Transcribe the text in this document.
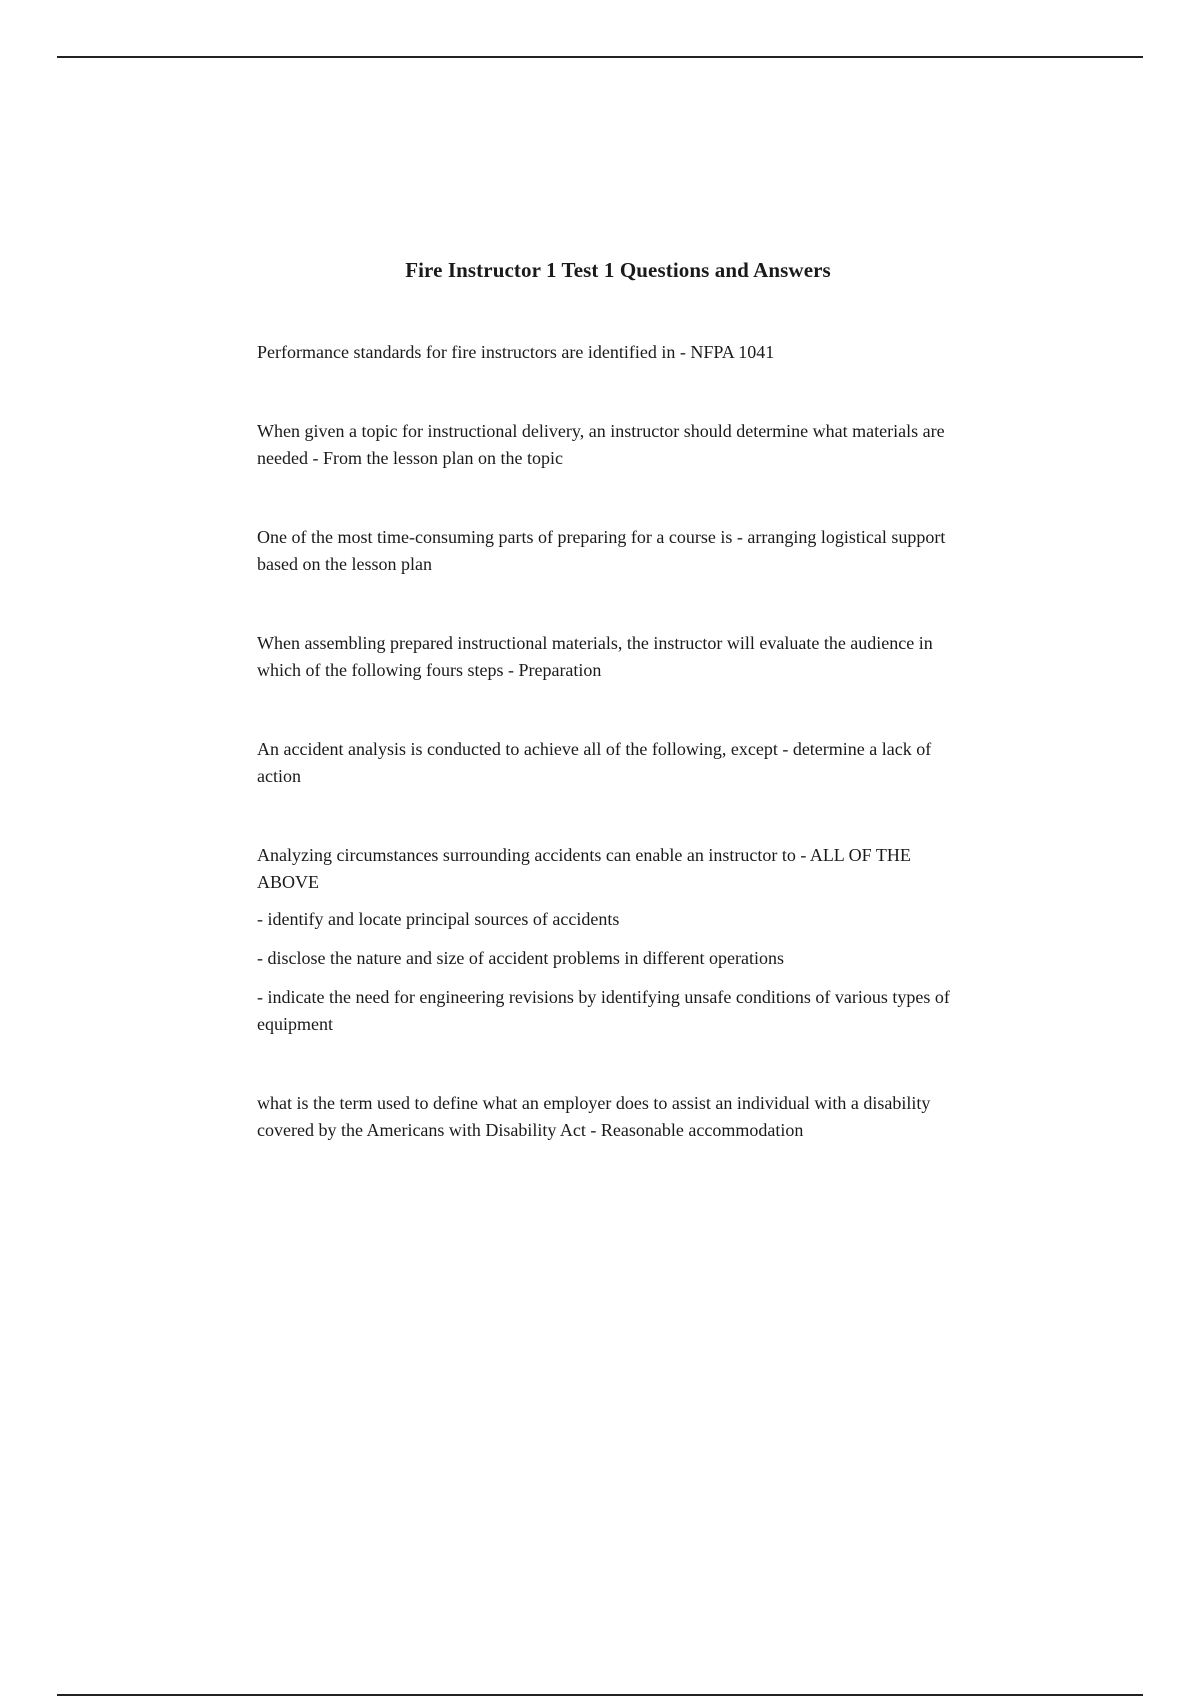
Fire Instructor 1 Test 1 Questions and Answers

Performance standards for fire instructors are identified in - NFPA 1041

When given a topic for instructional delivery, an instructor should determine what materials are needed - From the lesson plan on the topic

One of the most time-consuming parts of preparing for a course is - arranging logistical support based on the lesson plan

When assembling prepared instructional materials, the instructor will evaluate the audience in which of the following fours steps - Preparation

An accident analysis is conducted to achieve all of the following, except - determine a lack of action

Analyzing circumstances surrounding accidents can enable an instructor to - ALL OF THE ABOVE

- identify and locate principal sources of accidents
- disclose the nature and size of accident problems in different operations
- indicate the need for engineering revisions by identifying unsafe conditions of various types of equipment

what is the term used to define what an employer does to assist an individual with a disability covered by the Americans with Disability Act - Reasonable accommodation
